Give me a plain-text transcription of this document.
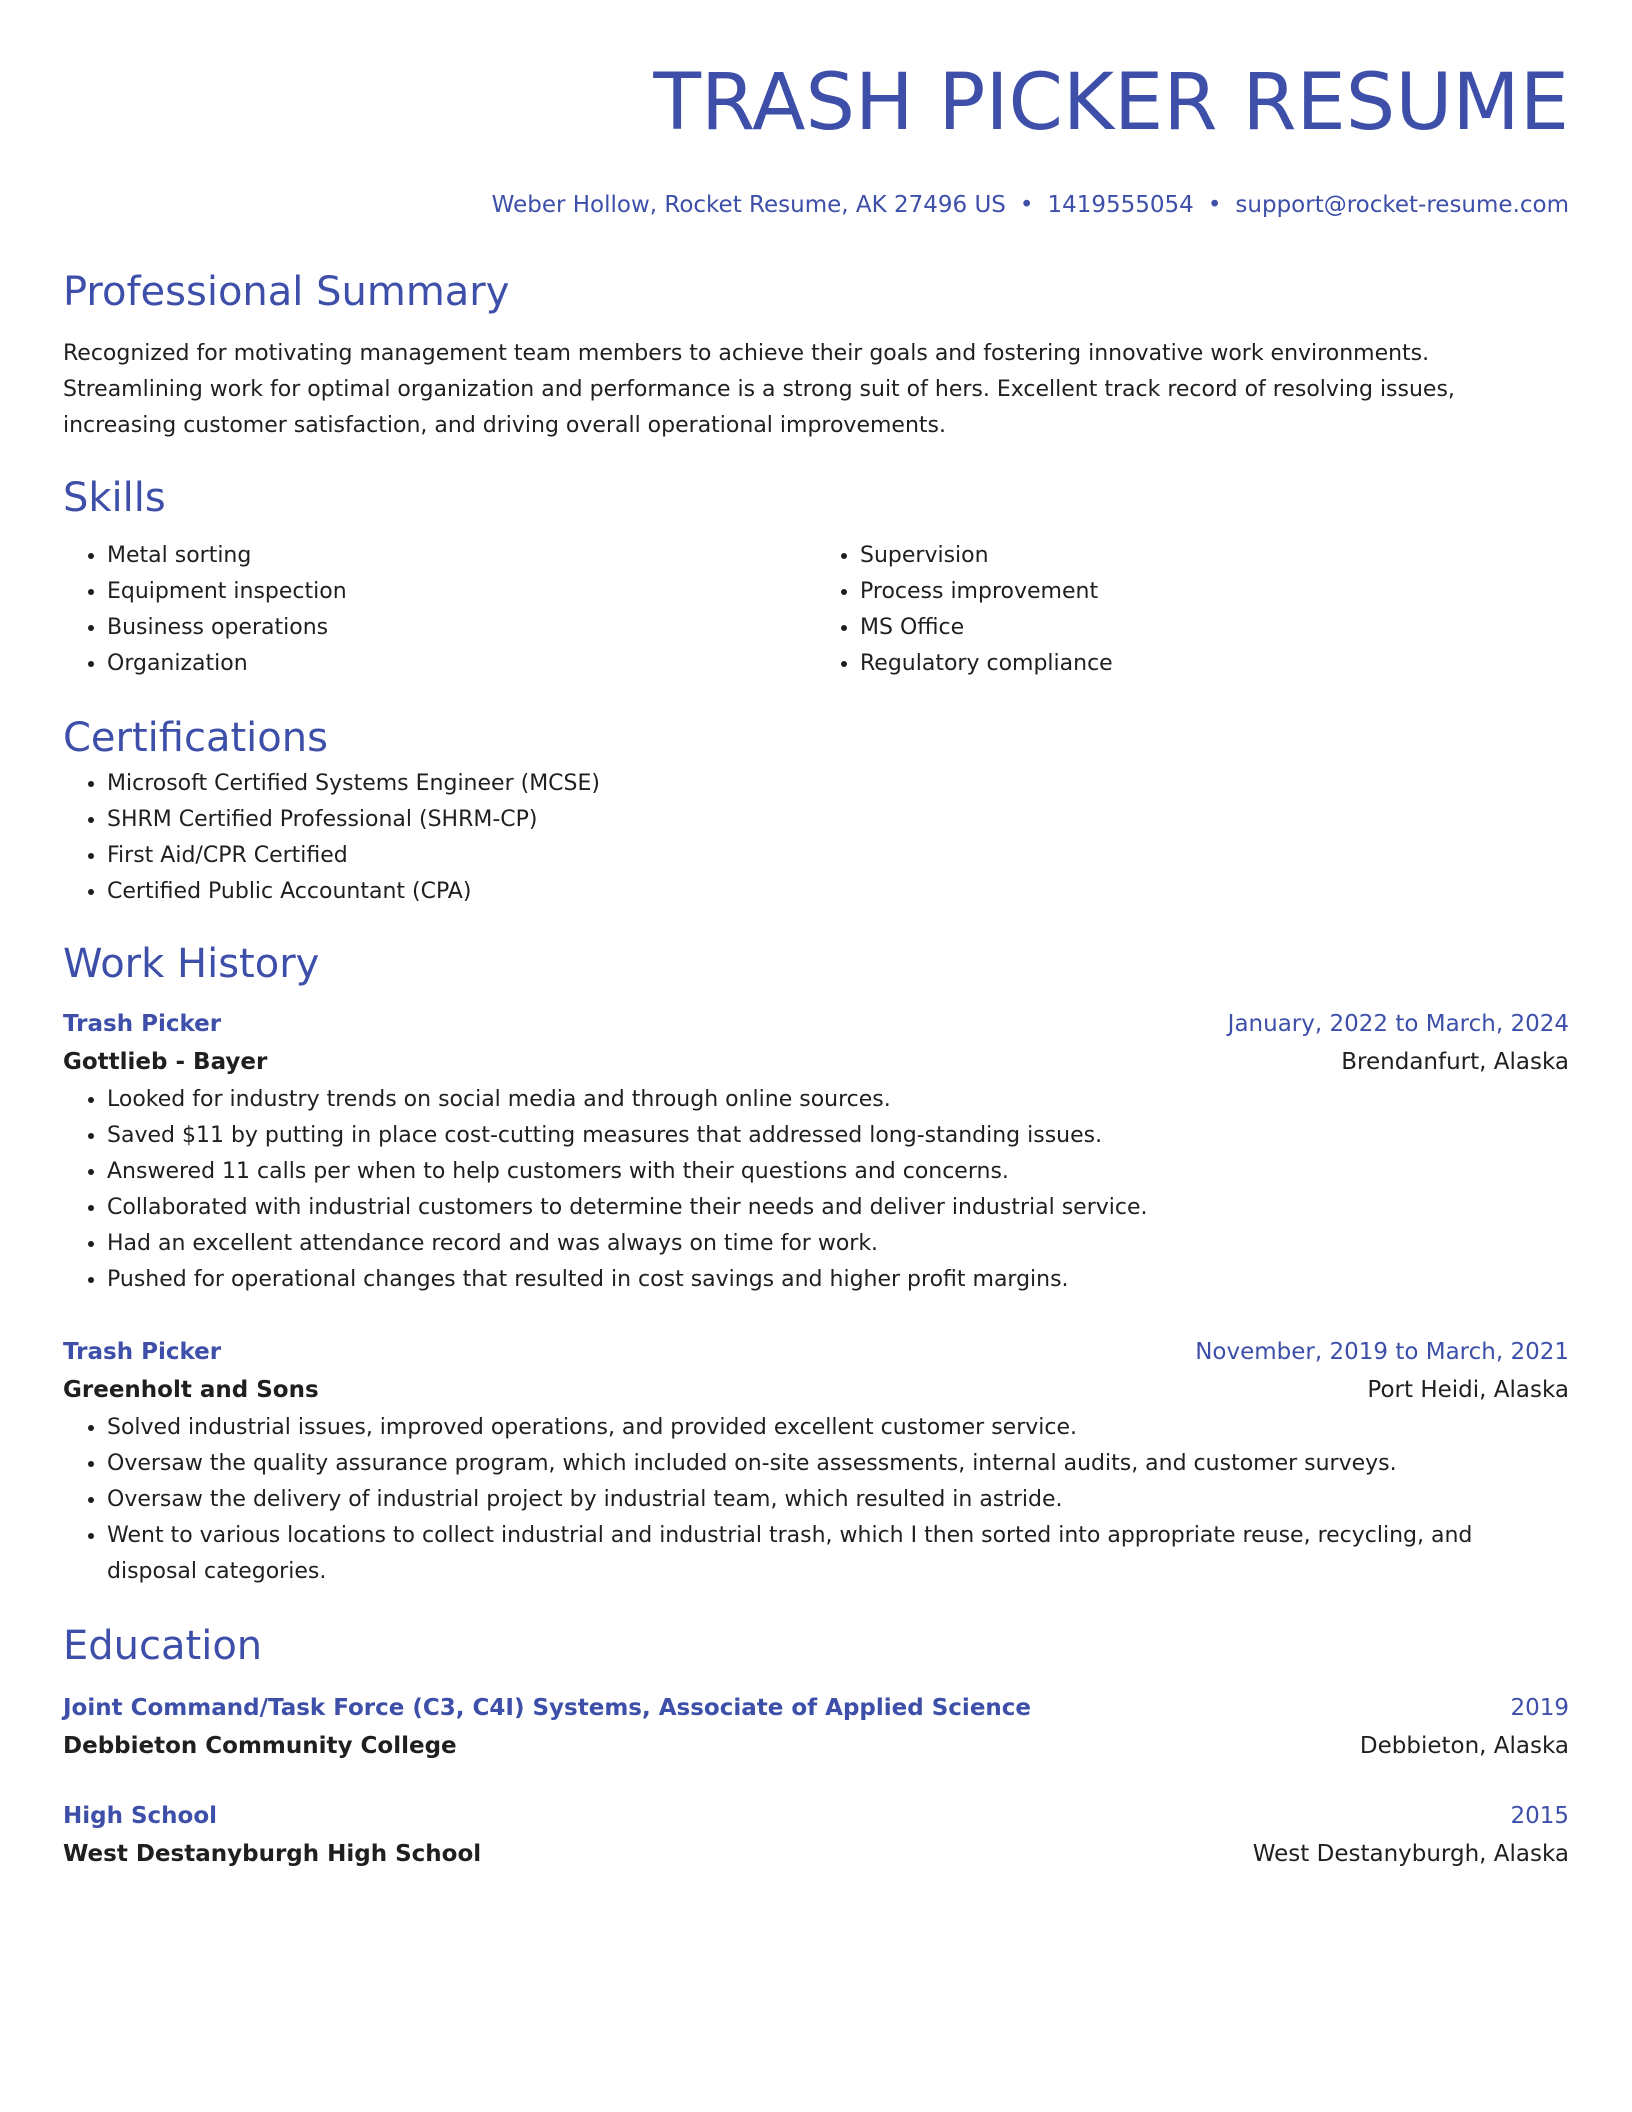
TRASH PICKER RESUME
Weber Hollow, Rocket Resume, AK 27496 US • 1419555054 • support@rocket-resume.com
Professional Summary
Recognized for motivating management team members to achieve their goals and fostering innovative work environments. Streamlining work for optimal organization and performance is a strong suit of hers. Excellent track record of resolving issues, increasing customer satisfaction, and driving overall operational improvements.
Skills
• Metal sorting
• Equipment inspection
• Business operations
• Organization
• Supervision
• Process improvement
• MS Office
• Regulatory compliance
Certifications
• Microsoft Certified Systems Engineer (MCSE)
• SHRM Certified Professional (SHRM-CP)
• First Aid/CPR Certified
• Certified Public Accountant (CPA)
Work History
Trash Picker	January, 2022 to March, 2024
Gottlieb - Bayer	Brendanfurt, Alaska
• Looked for industry trends on social media and through online sources.
• Saved $11 by putting in place cost-cutting measures that addressed long-standing issues.
• Answered 11 calls per when to help customers with their questions and concerns.
• Collaborated with industrial customers to determine their needs and deliver industrial service.
• Had an excellent attendance record and was always on time for work.
• Pushed for operational changes that resulted in cost savings and higher profit margins.
Trash Picker	November, 2019 to March, 2021
Greenholt and Sons	Port Heidi, Alaska
• Solved industrial issues, improved operations, and provided excellent customer service.
• Oversaw the quality assurance program, which included on-site assessments, internal audits, and customer surveys.
• Oversaw the delivery of industrial project by industrial team, which resulted in astride.
• Went to various locations to collect industrial and industrial trash, which I then sorted into appropriate reuse, recycling, and disposal categories.
Education
Joint Command/Task Force (C3, C4I) Systems, Associate of Applied Science	2019
Debbieton Community College	Debbieton, Alaska
High School	2015
West Destanyburgh High School	West Destanyburgh, Alaska
